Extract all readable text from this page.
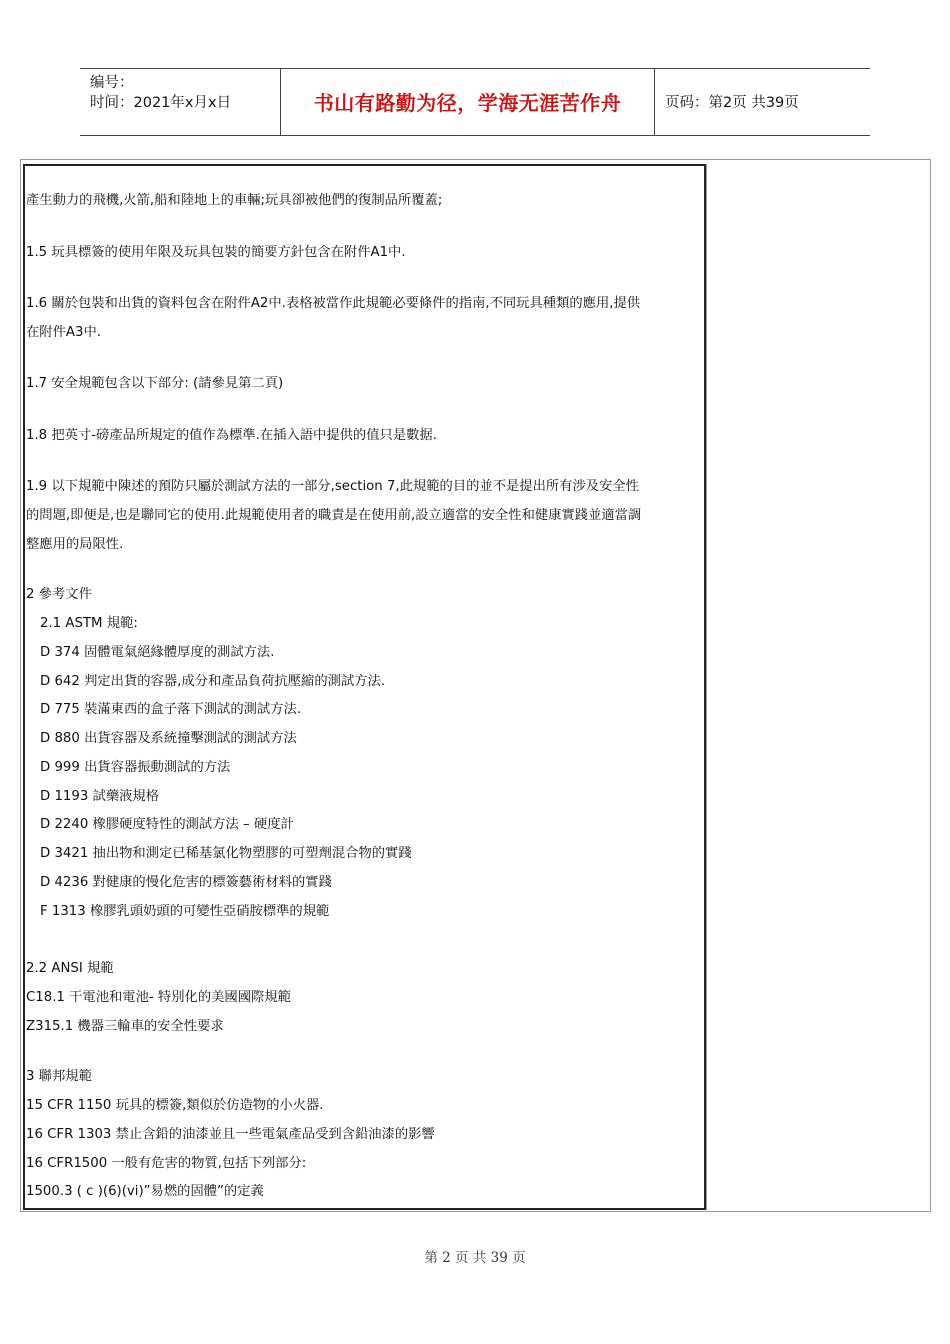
编号：
时间：2021年x月x日	书山有路勤为径，学海无涯苦作舟	页码：第2页 共39页
產生動力的飛機,火箭,船和陸地上的車輛;玩具卻被他們的復制品所覆蓋;
1.5 玩具標簽的使用年限及玩具包裝的簡要方針包含在附件A1中.
1.6 關於包裝和出貨的資料包含在附件A2中.表格被當作此規範必要條件的指南,不同玩具種類的應用,提供
在附件A3中.
1.7 安全規範包含以下部分: (請參見第二頁)
1.8 把英寸-磅產品所規定的值作為標準.在插入語中提供的值只是數据.
1.9 以下規範中陳述的預防只屬於測試方法的一部分,section 7,此規範的目的並不是提出所有涉及安全性
的問題,即便是,也是聯同它的使用.此規範使用者的職責是在使用前,設立適當的安全性和健康實踐並適當調
整應用的局限性.
2 參考文件
2.1 ASTM 規範:
D 374 固體電氣絕緣體厚度的測試方法.
D 642 判定出貨的容器,成分和產品負荷抗壓縮的測試方法.
D 775 裝滿東西的盒子落下測試的測試方法.
D 880 出貨容器及系統撞擊測試的測試方法
D 999 出貨容器振動測試的方法
D 1193 試藥液規格
D 2240 橡膠硬度特性的測試方法 – 硬度計
D 3421 抽出物和測定已稀基氯化物塑膠的可塑劑混合物的實踐
D 4236 對健康的慢化危害的標簽藝術材料的實踐
F 1313 橡膠乳頭奶頭的可變性亞硝胺標準的規範
2.2 ANSI 規範
C18.1 干電池和電池- 特別化的美國國際規範
Z315.1 機器三輪車的安全性要求
3 聯邦規範
15 CFR 1150 玩具的標簽,類似於仿造物的小火器.
16 CFR 1303 禁止含鉛的油漆並且一些電氣產品受到含鉛油漆的影響
16 CFR1500 一般有危害的物質,包括下列部分:
1500.3 ( c )(6)(vi)”易燃的固體”的定義
第 2 页 共 39 页
